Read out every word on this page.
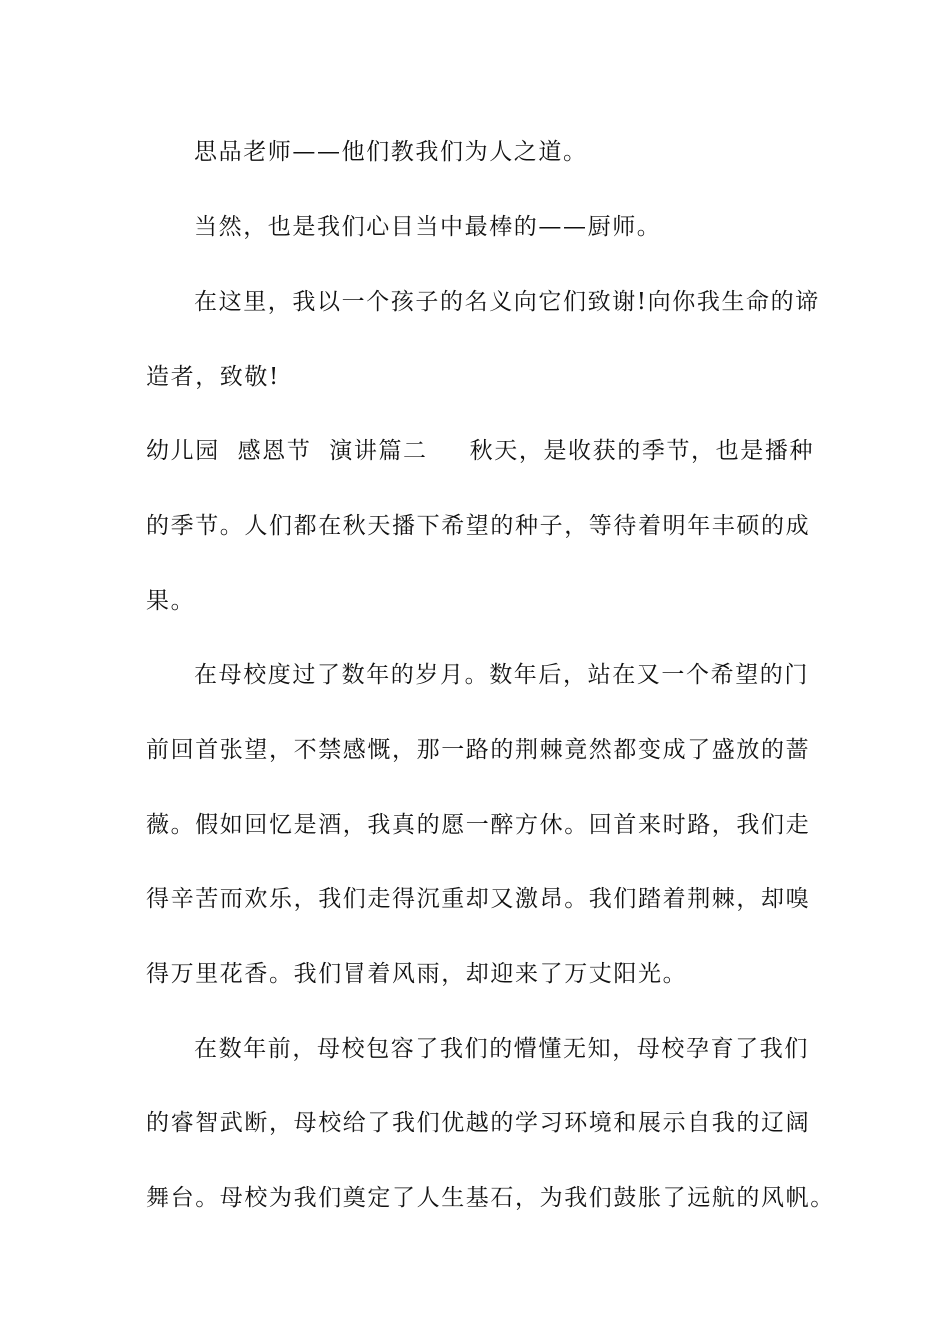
思品老师——他们教我们为人之道。
当然，也是我们心目当中最棒的——厨师。
在这里，我以一个孩子的名义向它们致谢!向你我生命的谛
造者，致敬!
幼儿园  感恩节  演讲篇二 秋天，是收获的季节，也是播种
的季节。人们都在秋天播下希望的种子，等待着明年丰硕的成
果。
在母校度过了数年的岁月。数年后，站在又一个希望的门
前回首张望，不禁感慨，那一路的荆棘竟然都变成了盛放的蔷
薇。假如回忆是酒，我真的愿一醉方休。回首来时路，我们走
得辛苦而欢乐，我们走得沉重却又激昂。我们踏着荆棘，却嗅
得万里花香。我们冒着风雨，却迎来了万丈阳光。
在数年前，母校包容了我们的懵懂无知，母校孕育了我们
的睿智武断，母校给了我们优越的学习环境和展示自我的辽阔
舞台。母校为我们奠定了人生基石，为我们鼓胀了远航的风帆。
